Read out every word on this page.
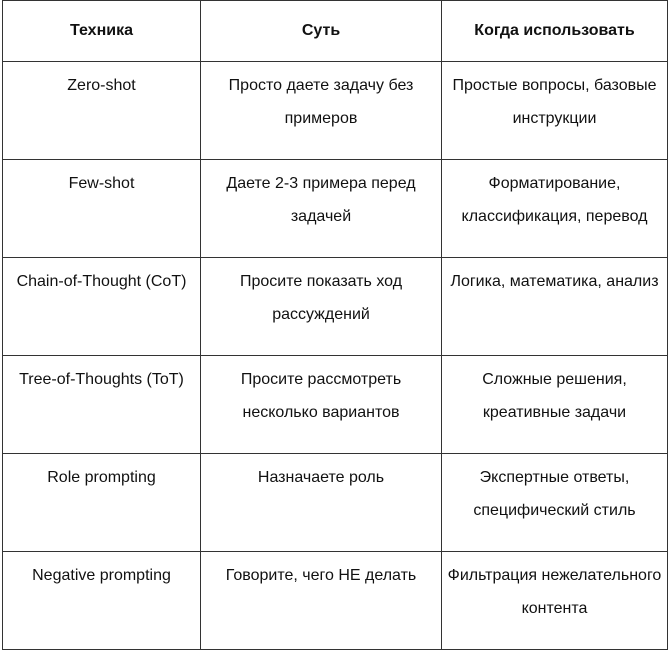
Техника	Суть	Когда использовать

Zero-shot	Просто даете задачу без примеров	Простые вопросы, базовые инструкции

Few-shot	Даете 2-3 примера перед задачей	Форматирование, классификация, перевод

Chain-of-Thought (CoT)	Просите показать ход рассуждений	Логика, математика, анализ

Tree-of-Thoughts (ToT)	Просите рассмотреть несколько вариантов	Сложные решения, креативные задачи

Role prompting	Назначаете роль	Экспертные ответы, специфический стиль

Negative prompting	Говорите, чего НЕ делать	Фильтрация нежелательного контента
